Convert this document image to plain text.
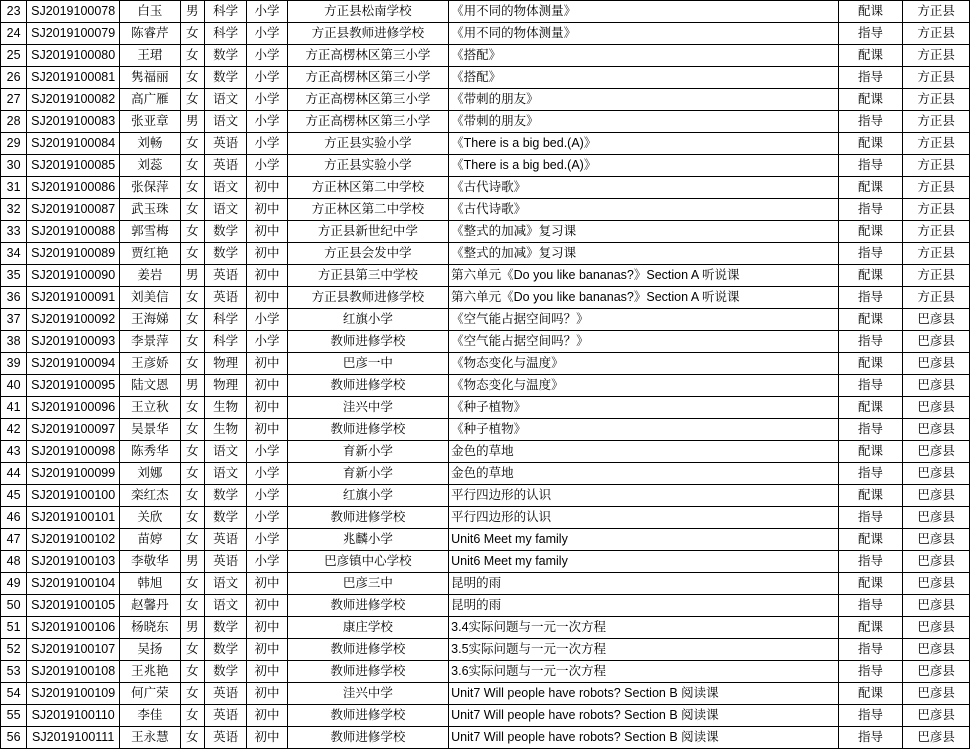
23	SJ2019100078	白玉	男	科学	小学	方正县松南学校	《用不同的物体测量》	配课	方正县
24	SJ2019100079	陈睿芹	女	科学	小学	方正县教师进修学校	《用不同的物体测量》	指导	方正县
25	SJ2019100080	王珺	女	数学	小学	方正高楞林区第三小学	《搭配》	配课	方正县
26	SJ2019100081	隽福丽	女	数学	小学	方正高楞林区第三小学	《搭配》	指导	方正县
27	SJ2019100082	高广雁	女	语文	小学	方正高楞林区第三小学	《带刺的朋友》	配课	方正县
28	SJ2019100083	张亚章	男	语文	小学	方正高楞林区第三小学	《带刺的朋友》	指导	方正县
29	SJ2019100084	刘畅	女	英语	小学	方正县实验小学	《There is a big bed.(A)》	配课	方正县
30	SJ2019100085	刘蕊	女	英语	小学	方正县实验小学	《There is a big bed.(A)》	指导	方正县
31	SJ2019100086	张保萍	女	语文	初中	方正林区第二中学校	《古代诗歌》	配课	方正县
32	SJ2019100087	武玉珠	女	语文	初中	方正林区第二中学校	《古代诗歌》	指导	方正县
33	SJ2019100088	郭雪梅	女	数学	初中	方正县新世纪中学	《整式的加减》复习课	配课	方正县
34	SJ2019100089	贾红艳	女	数学	初中	方正县会发中学	《整式的加减》复习课	指导	方正县
35	SJ2019100090	姜岩	男	英语	初中	方正县第三中学校	第六单元《Do you like bananas?》Section A 听说课	配课	方正县
36	SJ2019100091	刘美信	女	英语	初中	方正县教师进修学校	第六单元《Do you like bananas?》Section A 听说课	指导	方正县
37	SJ2019100092	王海娣	女	科学	小学	红旗小学	《空气能占据空间吗？》	配课	巴彦县
38	SJ2019100093	李景萍	女	科学	小学	教师进修学校	《空气能占据空间吗？》	指导	巴彦县
39	SJ2019100094	王彦娇	女	物理	初中	巴彦一中	《物态变化与温度》	配课	巴彦县
40	SJ2019100095	陆文恩	男	物理	初中	教师进修学校	《物态变化与温度》	指导	巴彦县
41	SJ2019100096	王立秋	女	生物	初中	洼兴中学	《种子植物》	配课	巴彦县
42	SJ2019100097	吴景华	女	生物	初中	教师进修学校	《种子植物》	指导	巴彦县
43	SJ2019100098	陈秀华	女	语文	小学	育新小学	金色的草地	配课	巴彦县
44	SJ2019100099	刘娜	女	语文	小学	育新小学	金色的草地	指导	巴彦县
45	SJ2019100100	栾红杰	女	数学	小学	红旗小学	平行四边形的认识	配课	巴彦县
46	SJ2019100101	关欣	女	数学	小学	教师进修学校	平行四边形的认识	指导	巴彦县
47	SJ2019100102	苗婷	女	英语	小学	兆麟小学	Unit6 Meet my family	配课	巴彦县
48	SJ2019100103	李敬华	男	英语	小学	巴彦镇中心学校	Unit6 Meet my family	指导	巴彦县
49	SJ2019100104	韩旭	女	语文	初中	巴彦三中	昆明的雨	配课	巴彦县
50	SJ2019100105	赵馨丹	女	语文	初中	教师进修学校	昆明的雨	指导	巴彦县
51	SJ2019100106	杨晓东	男	数学	初中	康庄学校	3.4实际问题与一元一次方程	配课	巴彦县
52	SJ2019100107	吴扬	女	数学	初中	教师进修学校	3.5实际问题与一元一次方程	指导	巴彦县
53	SJ2019100108	王兆艳	女	数学	初中	教师进修学校	3.6实际问题与一元一次方程	指导	巴彦县
54	SJ2019100109	何广荣	女	英语	初中	洼兴中学	Unit7 Will people have robots? Section B 阅读课	配课	巴彦县
55	SJ2019100110	李佳	女	英语	初中	教师进修学校	Unit7 Will people have robots? Section B 阅读课	指导	巴彦县
56	SJ2019100111	王永慧	女	英语	初中	教师进修学校	Unit7 Will people have robots? Section B 阅读课	指导	巴彦县
